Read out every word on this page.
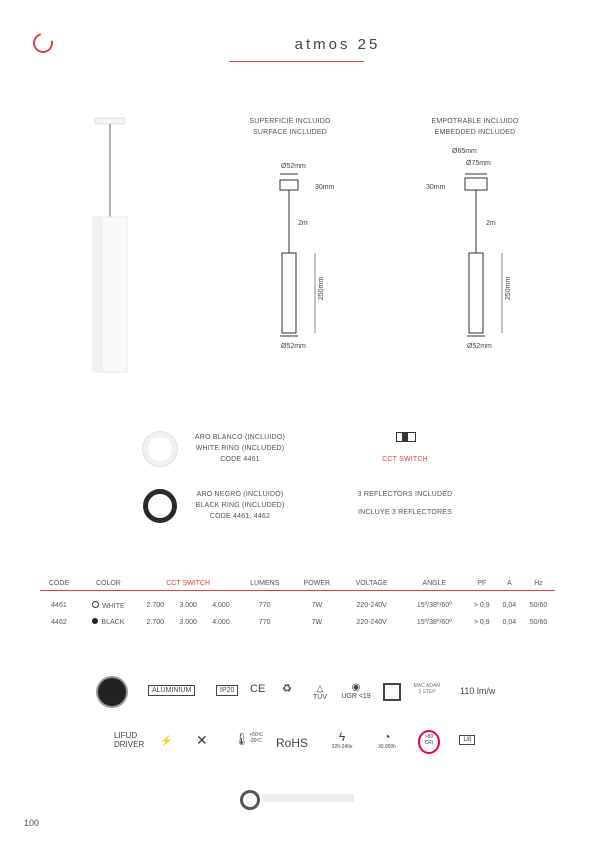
atmos 25
SUPERFICIE INCLUIDO
SURFACE INCLUDED
Ø52mm
30mm
2m
250mm
Ø52mm
EMPOTRABLE INCLUIDO
EMBEDDED INCLUDED
Ø65mm
Ø75mm
30mm
2m
250mm
Ø52mm
ARO BLANCO (INCLUIDO)
WHITE RING (INCLUDED)
CODE 4461
ARO NEGRO (INCLUIDO)
BLACK RING (INCLUDED)
CODE 4461, 4462
CCT SWITCH
3 REFLECTORS INCLUDED
INCLUYE 3 REFLECTORES
CODE	COLOR	CCT SWITCH			LUMENS	POWER	VOLTAGE	ANGLE	PF	A	Hz

4461	WHITE	2.700	3.000	4.000	770	7W	220-240V	15º/38º/60º	> 0,9	0,04	50/60
4462	BLACK	2.700	3.000	4.000	770	7W	220-240V	15º/38º/60º	> 0,9	0,04	50/60
ALUMINIUM	IP20	CE ♻	△
TÜV
◉
UGR <19
MAC ADAM
3 STEP	110 lm/w
LIFUD
DRIVER ⚡ ✕ 🌡 +50ºC
-20ºC RoHS	ϟ
220-240v
◔
30.000h
>80
CRI	1/8
100
